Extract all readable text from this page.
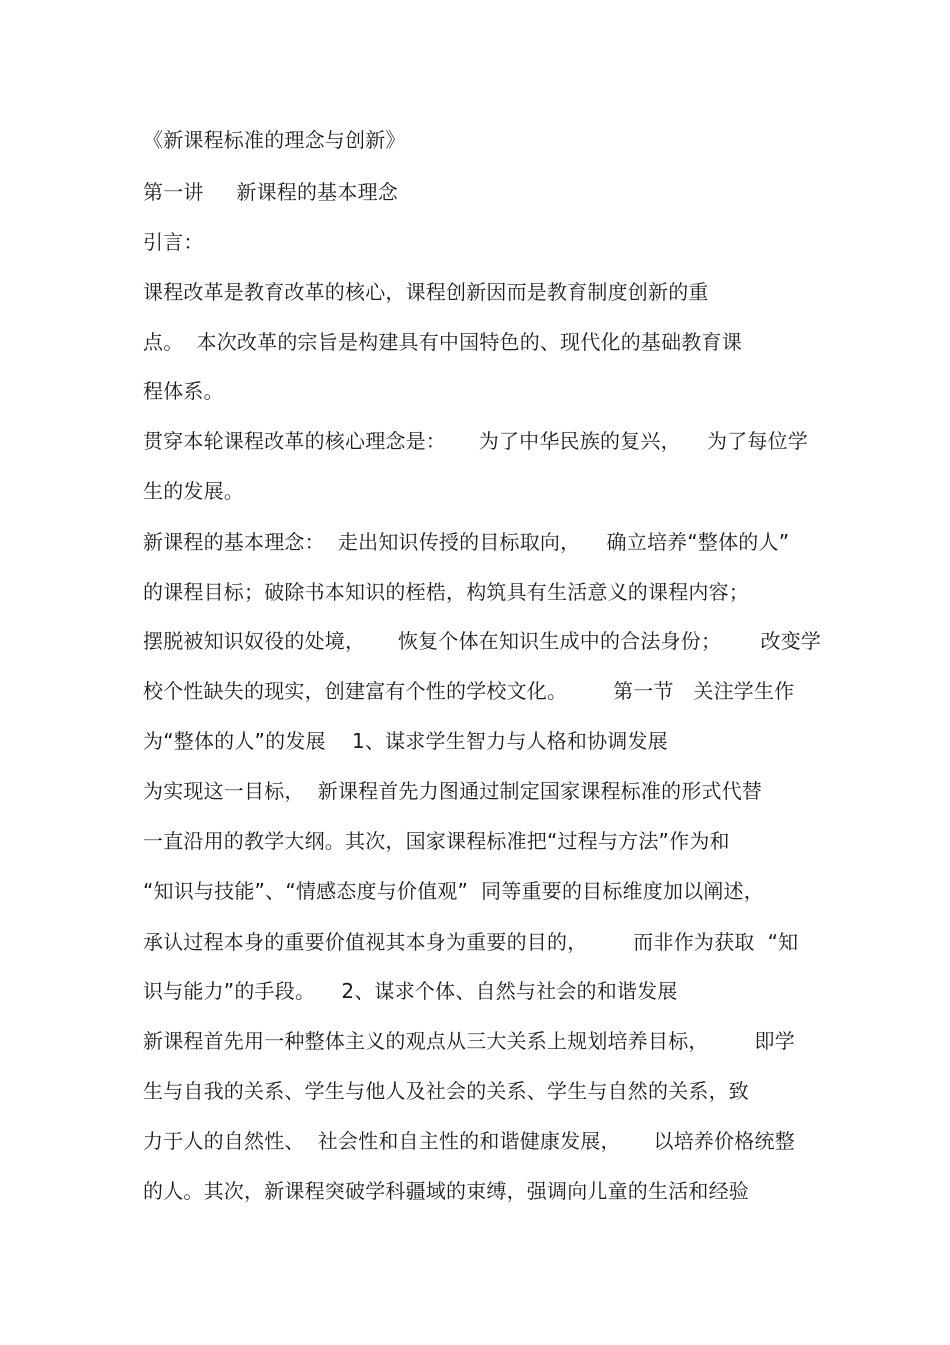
《新课程标准的理念与创新》
第一讲     新课程的基本理念
引言：
课程改革是教育改革的核心，课程创新因而是教育制度创新的重
点。  本次改革的宗旨是构建具有中国特色的、现代化的基础教育课
程体系。
贯穿本轮课程改革的核心理念是：     为了中华民族的复兴，    为了每位学
生的发展。
新课程的基本理念：  走出知识传授的目标取向，    确立培养“整体的人”
的课程目标；破除书本知识的桎梏，构筑具有生活意义的课程内容；
摆脱被知识奴役的处境，     恢复个体在知识生成中的合法身份；      改变学
校个性缺失的现实，创建富有个性的学校文化。       第一节   关注学生作
为“整体的人”的发展    1、谋求学生智力与人格和协调发展
为实现这一目标，  新课程首先力图通过制定国家课程标准的形式代替
一直沿用的教学大纲。其次，国家课程标准把“过程与方法”作为和
“知识与技能”、“情感态度与价值观”  同等重要的目标维度加以阐述，
承认过程本身的重要价值视其本身为重要的目的，       而非作为获取  “知
识与能力”的手段。    2、谋求个体、自然与社会的和谐发展
新课程首先用一种整体主义的观点从三大关系上规划培养目标，       即学
生与自我的关系、学生与他人及社会的关系、学生与自然的关系，致
力于人的自然性、  社会性和自主性的和谐健康发展，     以培养价格统整
的人。其次，新课程突破学科疆域的束缚，强调向儿童的生活和经验
